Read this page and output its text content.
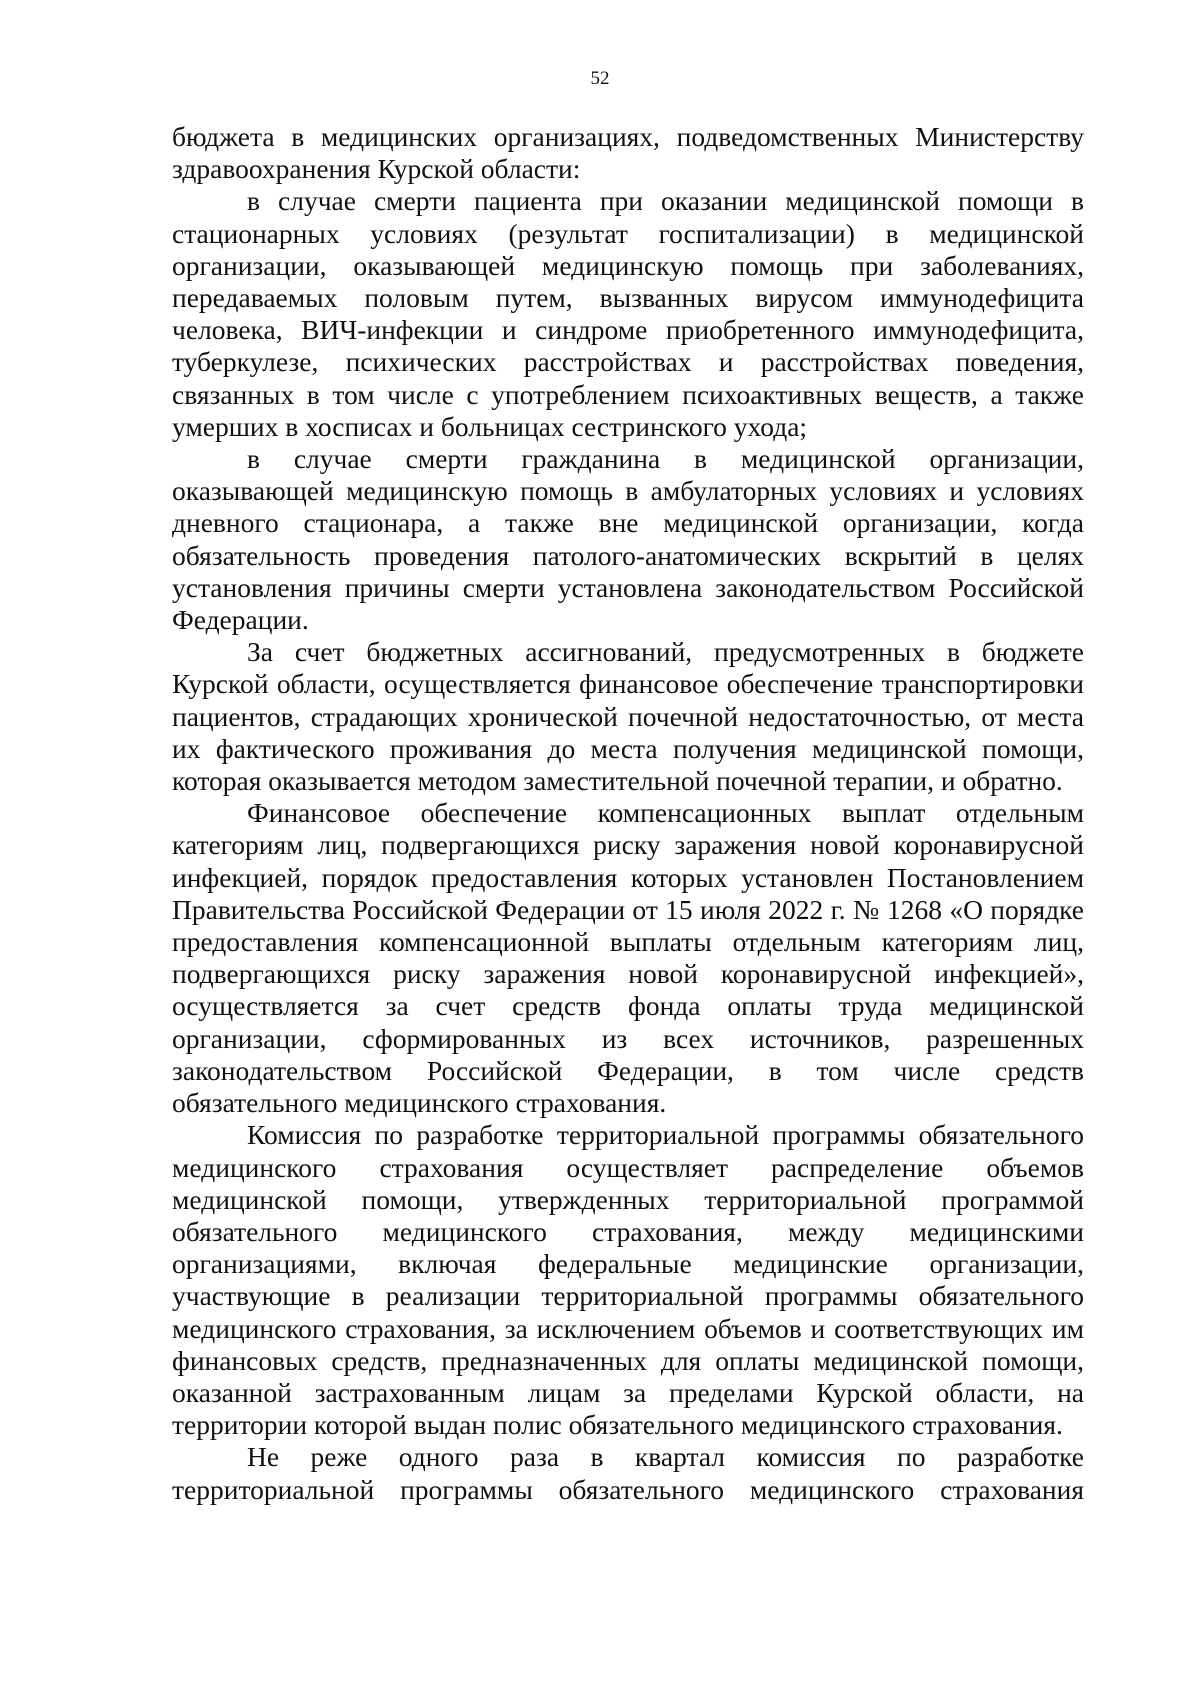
52

бюджета в медицинских организациях, подведомственных Министерству здравоохранения Курской области:

в случае смерти пациента при оказании медицинской помощи в стационарных условиях (результат госпитализации) в медицинской организации, оказывающей медицинскую помощь при заболеваниях, передаваемых половым путем, вызванных вирусом иммунодефицита человека, ВИЧ-инфекции и синдроме приобретенного иммунодефицита, туберкулезе, психических расстройствах и расстройствах поведения, связанных в том числе с употреблением психоактивных веществ, а также умерших в хосписах и больницах сестринского ухода;

в случае смерти гражданина в медицинской организации, оказывающей медицинскую помощь в амбулаторных условиях и условиях дневного стационара, а также вне медицинской организации, когда обязательность проведения патолого-анатомических вскрытий в целях установления причины смерти установлена законодательством Российской Федерации.

За счет бюджетных ассигнований, предусмотренных в бюджете Курской области, осуществляется финансовое обеспечение транспортировки пациентов, страдающих хронической почечной недостаточностью, от места их фактического проживания до места получения медицинской помощи, которая оказывается методом заместительной почечной терапии, и обратно.

Финансовое обеспечение компенсационных выплат отдельным категориям лиц, подвергающихся риску заражения новой коронавирусной инфекцией, порядок предоставления которых установлен Постановлением Правительства Российской Федерации от 15 июля 2022 г. № 1268 «О порядке предоставления компенсационной выплаты отдельным категориям лиц, подвергающихся риску заражения новой коронавирусной инфекцией», осуществляется за счет средств фонда оплаты труда медицинской организации, сформированных из всех источников, разрешенных законодательством Российской Федерации, в том числе средств обязательного медицинского страхования.

Комиссия по разработке территориальной программы обязательного медицинского страхования осуществляет распределение объемов медицинской помощи, утвержденных территориальной программой обязательного медицинского страхования, между медицинскими организациями, включая федеральные медицинские организации, участвующие в реализации территориальной программы обязательного медицинского страхования, за исключением объемов и соответствующих им финансовых средств, предназначенных для оплаты медицинской помощи, оказанной застрахованным лицам за пределами Курской области, на территории которой выдан полис обязательного медицинского страхования.

Не реже одного раза в квартал комиссия по разработке территориальной программы обязательного медицинского страхования
